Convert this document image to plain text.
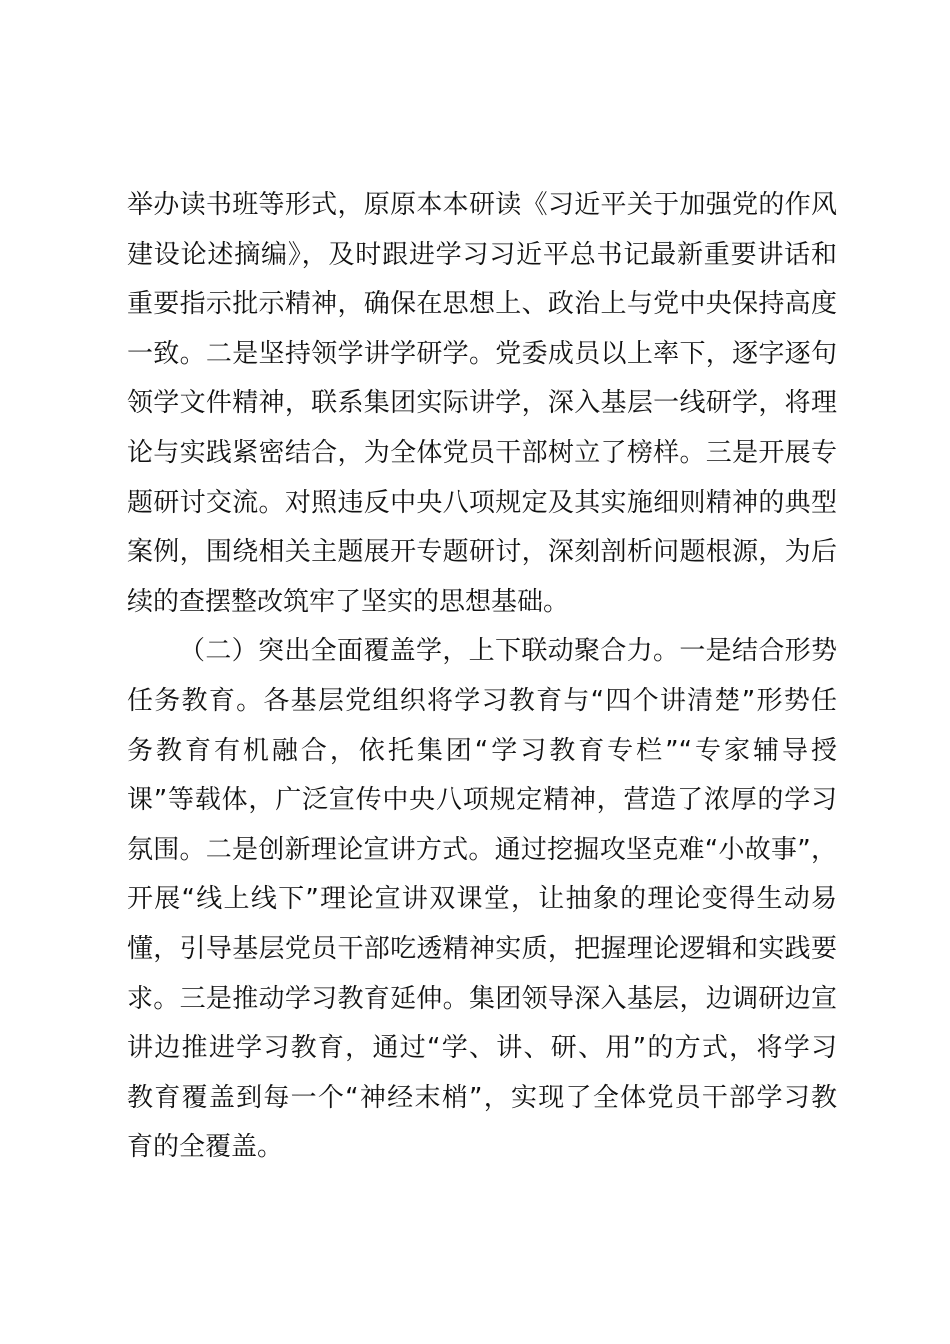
举办读书班等形式，原原本本研读《习近平关于加强党的作风
建设论述摘编》，及时跟进学习习近平总书记最新重要讲话和
重要指示批示精神，确保在思想上、政治上与党中央保持高度
一致。二是坚持领学讲学研学。党委成员以上率下，逐字逐句
领学文件精神，联系集团实际讲学，深入基层一线研学，将理
论与实践紧密结合，为全体党员干部树立了榜样。三是开展专
题研讨交流。对照违反中央八项规定及其实施细则精神的典型
案例，围绕相关主题展开专题研讨，深刻剖析问题根源，为后
续的查摆整改筑牢了坚实的思想基础。
（二）突出全面覆盖学，上下联动聚合力。一是结合形势
任务教育。各基层党组织将学习教育与“四个讲清楚”形势任
务教育有机融合，依托集团“学习教育专栏”“专家辅导授
课”等载体，广泛宣传中央八项规定精神，营造了浓厚的学习
氛围。二是创新理论宣讲方式。通过挖掘攻坚克难“小故事”，
开展“线上线下”理论宣讲双课堂，让抽象的理论变得生动易
懂，引导基层党员干部吃透精神实质，把握理论逻辑和实践要
求。三是推动学习教育延伸。集团领导深入基层，边调研边宣
讲边推进学习教育，通过“学、讲、研、用”的方式，将学习
教育覆盖到每一个“神经末梢”，实现了全体党员干部学习教
育的全覆盖。
